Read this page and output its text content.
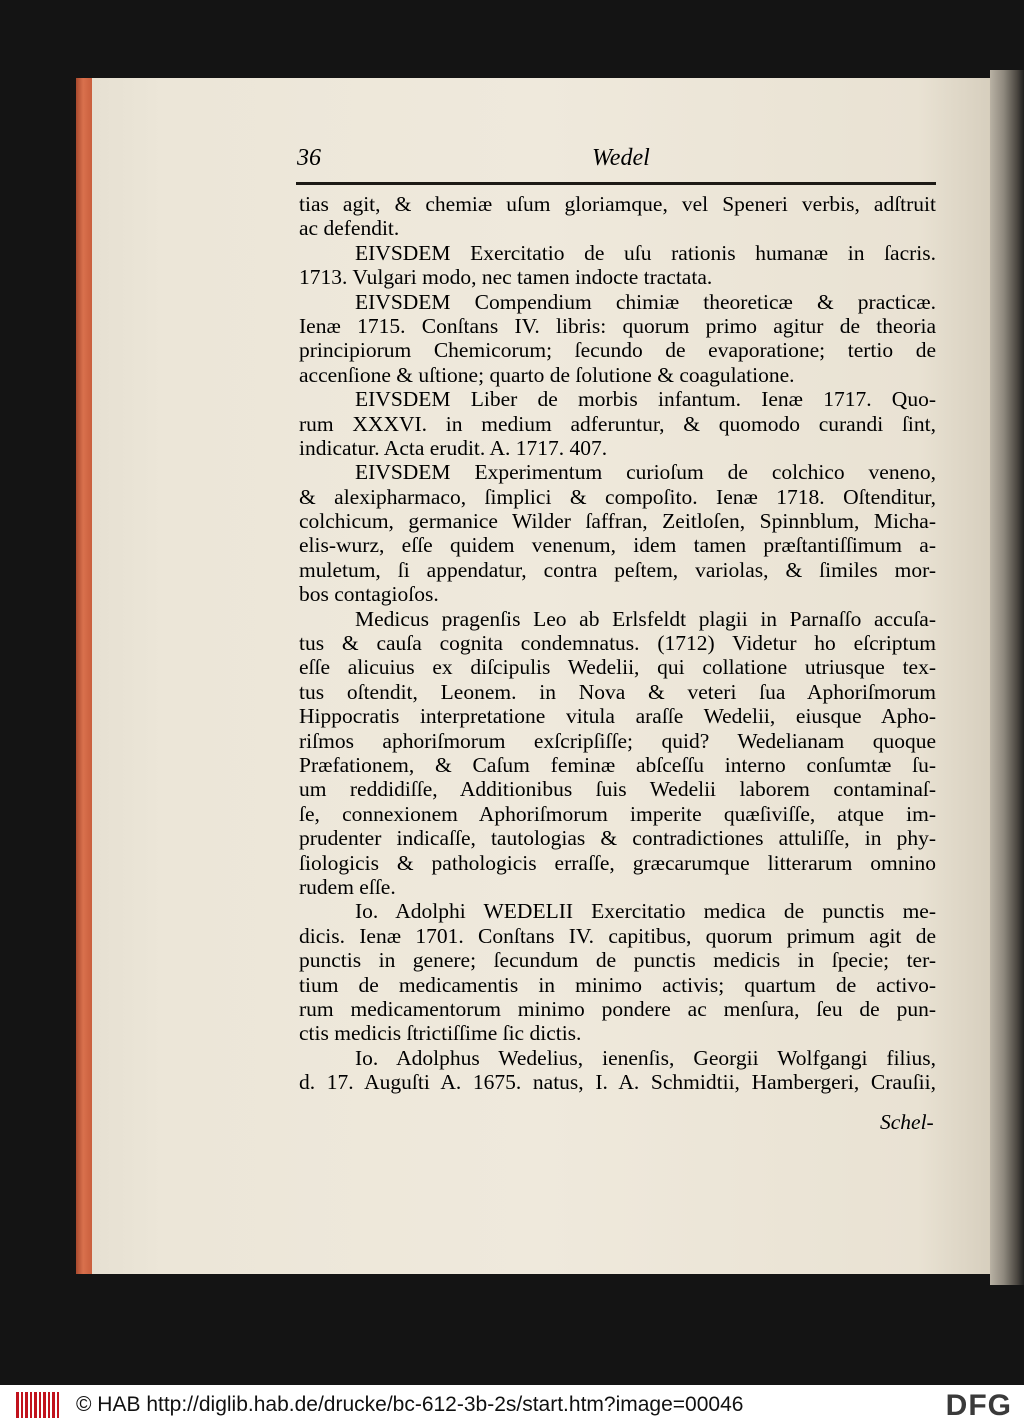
36	Wedel
tias agit, & chemiæ uſum gloriamque, vel Speneri verbis, adſtruit
ac defendit.
EIVSDEM Exercitatio de uſu rationis humanæ in ſacris.
1713. Vulgari modo, nec tamen indocte tractata.
EIVSDEM Compendium chimiæ theoreticæ & practicæ.
Ienæ 1715. Conſtans IV. libris: quorum primo agitur de theoria
principiorum Chemicorum; ſecundo de evaporatione; tertio de
accenſione & uſtione; quarto de ſolutione & coagulatione.
EIVSDEM Liber de morbis infantum. Ienæ 1717. Quo-
rum XXXVI. in medium adferuntur, & quomodo curandi ſint,
indicatur. Acta erudit. A. 1717. 407.
EIVSDEM Experimentum curioſum de colchico veneno,
& alexipharmaco, ſimplici & compoſito. Ienæ 1718. Oſtenditur,
colchicum, germanice Wilder ſaffran, Zeitloſen, Spinnblum, Micha-
elis-wurz, eſſe quidem venenum, idem tamen præſtantiſſimum a-
muletum, ſi appendatur, contra peſtem, variolas, & ſimiles mor-
bos contagioſos.
Medicus pragenſis Leo ab Erlsfeldt plagii in Parnaſſo accuſa-
tus & cauſa cognita condemnatus. (1712) Videtur ho eſcriptum
eſſe alicuius ex diſcipulis Wedelii, qui collatione utriusque tex-
tus oſtendit, Leonem. in Nova & veteri ſua Aphoriſmorum
Hippocratis interpretatione vitula araſſe Wedelii, eiusque Apho-
riſmos aphoriſmorum exſcripſiſſe; quid? Wedelianam quoque
Præfationem, & Caſum feminæ abſceſſu interno conſumtæ ſu-
um reddidiſſe, Additionibus ſuis Wedelii laborem contaminaſ-
ſe, connexionem Aphoriſmorum imperite quæſiviſſe, atque im-
prudenter indicaſſe, tautologias & contradictiones attuliſſe, in phy-
ſiologicis & pathologicis erraſſe, græcarumque litterarum omnino
rudem eſſe.
Io. Adolphi WEDELII Exercitatio medica de punctis me-
dicis. Ienæ 1701. Conſtans IV. capitibus, quorum primum agit de
punctis in genere; ſecundum de punctis medicis in ſpecie; ter-
tium de medicamentis in minimo activis; quartum de activo-
rum medicamentorum minimo pondere ac menſura, ſeu de pun-
ctis medicis ſtrictiſſime ſic dictis.
Io. Adolphus Wedelius, ienenſis, Georgii Wolfgangi filius,
d. 17. Auguſti A. 1675. natus, I. A. Schmidtii, Hambergeri, Crauſii,
Schel-
© HAB http://diglib.hab.de/drucke/bc-612-3b-2s/start.htm?image=00046	DFG
